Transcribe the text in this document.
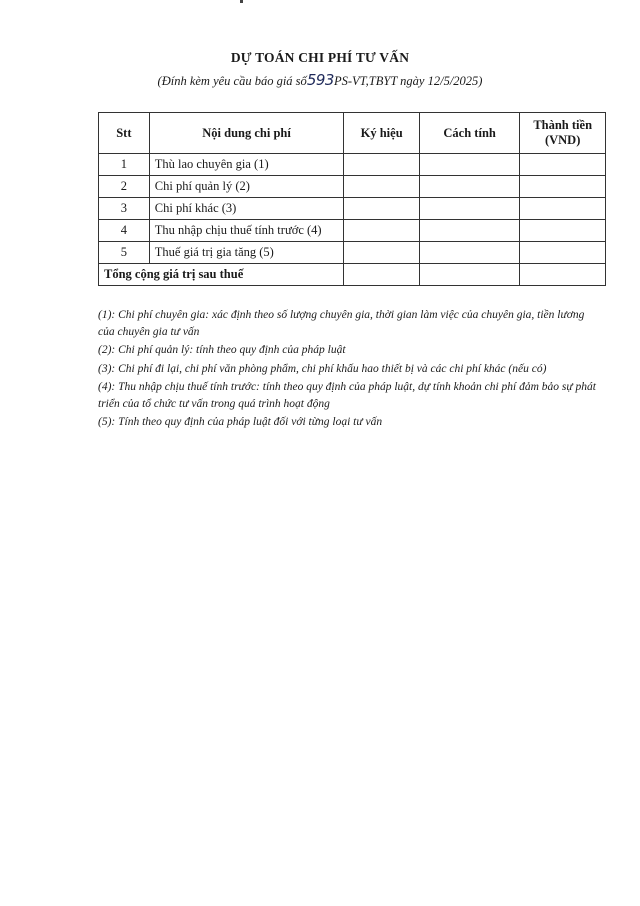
DỰ TOÁN CHI PHÍ TƯ VẤN
(Đính kèm yêu cầu báo giá số593PS-VT,TBYT ngày 12/5/2025)
Stt	Nội dung chi phí	Ký hiệu	Cách tính	Thành tiền
(VND)
1	Thù lao chuyên gia (1)			
2	Chi phí quản lý (2)			
3	Chi phí khác (3)			
4	Thu nhập chịu thuế tính trước (4)			
5	Thuế giá trị gia tăng (5)			
Tổng cộng giá trị sau thuế				

(1): Chi phí chuyên gia: xác định theo số lượng chuyên gia, thời gian làm việc của chuyên gia, tiền lương của chuyên gia tư vấn

(2): Chi phí quản lý: tính theo quy định của pháp luật

(3): Chi phí đi lại, chi phí văn phòng phẩm, chi phí khấu hao thiết bị và các chi phí khác (nếu có)

(4): Thu nhập chịu thuế tính trước: tính theo quy định của pháp luật, dự tính khoản chi phí đảm bảo sự phát triển của tổ chức tư vấn trong quá trình hoạt động

(5): Tính theo quy định của pháp luật đối với từng loại tư vấn
